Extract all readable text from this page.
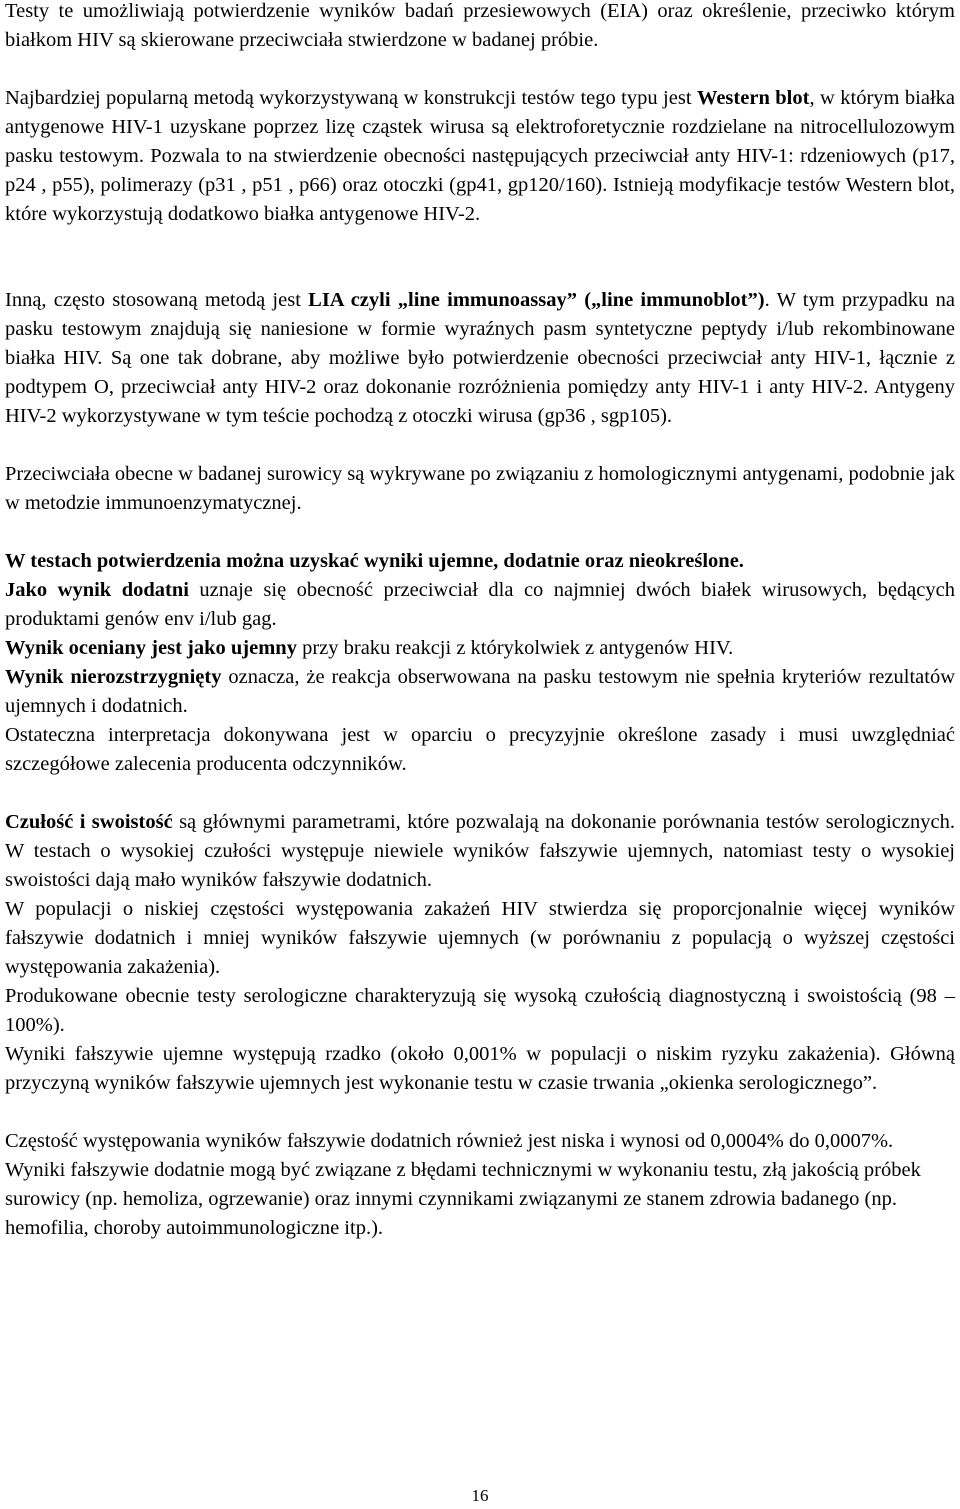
Testy te umożliwiają potwierdzenie wyników badań przesiewowych (EIA) oraz określenie, przeciwko którym białkom HIV są skierowane przeciwciała stwierdzone w badanej próbie.

Najbardziej popularną metodą wykorzystywaną w konstrukcji testów tego typu jest Western blot, w którym białka antygenowe HIV-1 uzyskane poprzez lizę cząstek wirusa są elektroforetycznie rozdzielane na nitrocellulozowym pasku testowym. Pozwala to na stwierdzenie obecności następujących przeciwciał anty HIV-1: rdzeniowych (p17, p24 , p55), polimerazy (p31 , p51 , p66) oraz otoczki (gp41, gp120/160). Istnieją modyfikacje testów Western blot, które wykorzystują dodatkowo białka antygenowe HIV-2.

Inną, często stosowaną metodą jest LIA czyli „line immunoassay” („line immunoblot”). W tym przypadku na pasku testowym znajdują się naniesione w formie wyraźnych pasm syntetyczne peptydy i/lub rekombinowane białka HIV. Są one tak dobrane, aby możliwe było potwierdzenie obecności przeciwciał anty HIV-1, łącznie z podtypem O, przeciwciał anty HIV-2 oraz dokonanie rozróżnienia pomiędzy anty HIV-1 i anty HIV-2. Antygeny HIV-2 wykorzystywane w tym teście pochodzą z otoczki wirusa (gp36 , sgp105).

Przeciwciała obecne w badanej surowicy są wykrywane po związaniu z homologicznymi antygenami, podobnie jak w metodzie immunoenzymatycznej.

W testach potwierdzenia można uzyskać wyniki ujemne, dodatnie oraz nieokreślone.

Jako wynik dodatni uznaje się obecność przeciwciał dla co najmniej dwóch białek wirusowych, będących produktami genów env i/lub gag.

Wynik oceniany jest jako ujemny przy braku reakcji z którykolwiek z antygenów HIV.

Wynik nierozstrzygnięty oznacza, że reakcja obserwowana na pasku testowym nie spełnia kryteriów rezultatów ujemnych i dodatnich.

Ostateczna interpretacja dokonywana jest w oparciu o precyzyjnie określone zasady i musi uwzględniać szczegółowe zalecenia producenta odczynników.

Czułość i swoistość są głównymi parametrami, które pozwalają na dokonanie porównania testów serologicznych. W testach o wysokiej czułości występuje niewiele wyników fałszywie ujemnych, natomiast testy o wysokiej swoistości dają mało wyników fałszywie dodatnich.

W populacji o niskiej częstości występowania zakażeń HIV stwierdza się proporcjonalnie więcej wyników fałszywie dodatnich i mniej wyników fałszywie ujemnych (w porównaniu z populacją o wyższej częstości występowania zakażenia).

Produkowane obecnie testy serologiczne charakteryzują się wysoką czułością diagnostyczną i swoistością (98 – 100%).

Wyniki fałszywie ujemne występują rzadko (około 0,001% w populacji o niskim ryzyku zakażenia). Główną przyczyną wyników fałszywie ujemnych jest wykonanie testu w czasie trwania „okienka serologicznego”.

Częstość występowania wyników fałszywie dodatnich również jest niska i wynosi od 0,0004% do 0,0007%. Wyniki fałszywie dodatnie mogą być związane z błędami technicznymi w wykonaniu testu, złą jakością próbek surowicy (np. hemoliza, ogrzewanie) oraz innymi czynnikami związanymi ze stanem zdrowia badanego (np. hemofilia, choroby autoimmunologiczne itp.).

16
